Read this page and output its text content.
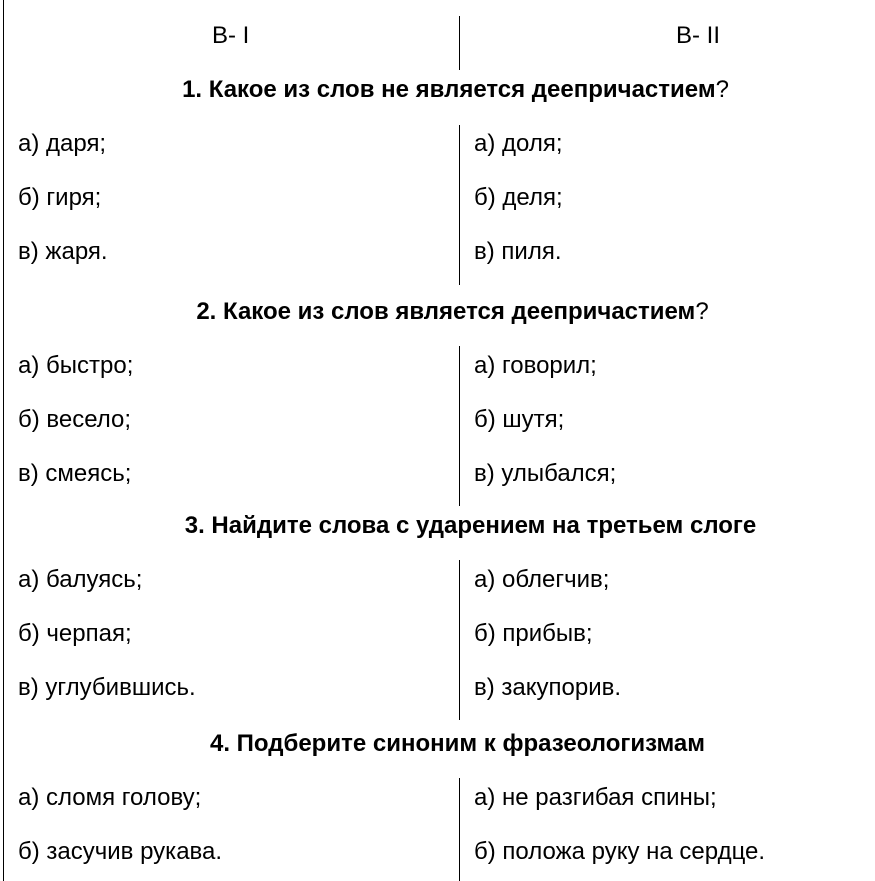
В- I	В- II
1. Какое из слов не является деепричастием?
а) даря;
б) гиря;
в) жаря.
а) доля;
б) деля;
в) пиля.
2. Какое из слов является деепричастием?
а) быстро;
б) весело;
в) смеясь;
а) говорил;
б) шутя;
в) улыбался;
3. Найдите слова с ударением на третьем слоге
а) балуясь;
б) черпая;
в) углубившись.
а) облегчив;
б) прибыв;
в) закупорив.
4. Подберите синоним к фразеологизмам
а) сломя голову;
б) засучив рукава.
а) не разгибая спины;
б) положа руку на сердце.
